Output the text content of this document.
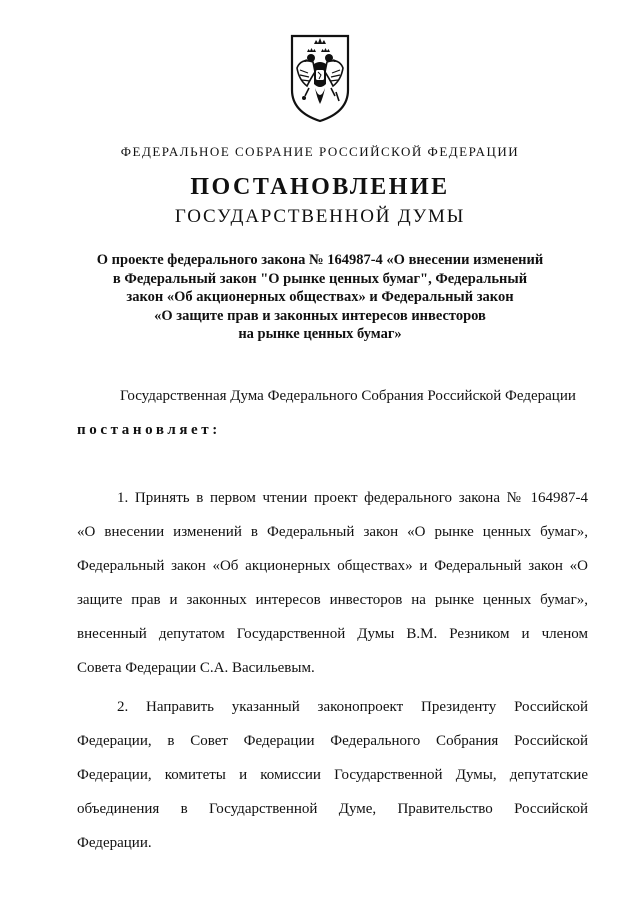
ФЕДЕРАЛЬНОЕ СОБРАНИЕ РОССИЙСКОЙ ФЕДЕРАЦИИ
ПОСТАНОВЛЕНИЕ
ГОСУДАРСТВЕННОЙ ДУМЫ
О проекте федерального закона № 164987-4 «О внесении изменений
в Федеральный закон "О рынке ценных бумаг", Федеральный
закон «Об акционерных обществах» и Федеральный закон
«О защите прав и законных интересов инвесторов
на рынке ценных бумаг»
Государственная Дума Федерального Собрания Российской Федерации
постановляет:
1. Принять в первом чтении проект федерального закона № 164987-4
«О внесении изменений в Федеральный закон «О рынке ценных бумаг»,
Федеральный закон «Об акционерных обществах» и Федеральный закон «О
защите прав и законных интересов инвесторов на рынке ценных бумаг»,
внесенный депутатом Государственной Думы В.М. Резником и членом
Совета Федерации С.А. Васильевым.
2. Направить указанный законопроект Президенту Российской
Федерации, в Совет Федерации Федерального Собрания Российской
Федерации, комитеты и комиссии Государственной Думы, депутатские
объединения в Государственной Думе, Правительство Российской
Федерации.
